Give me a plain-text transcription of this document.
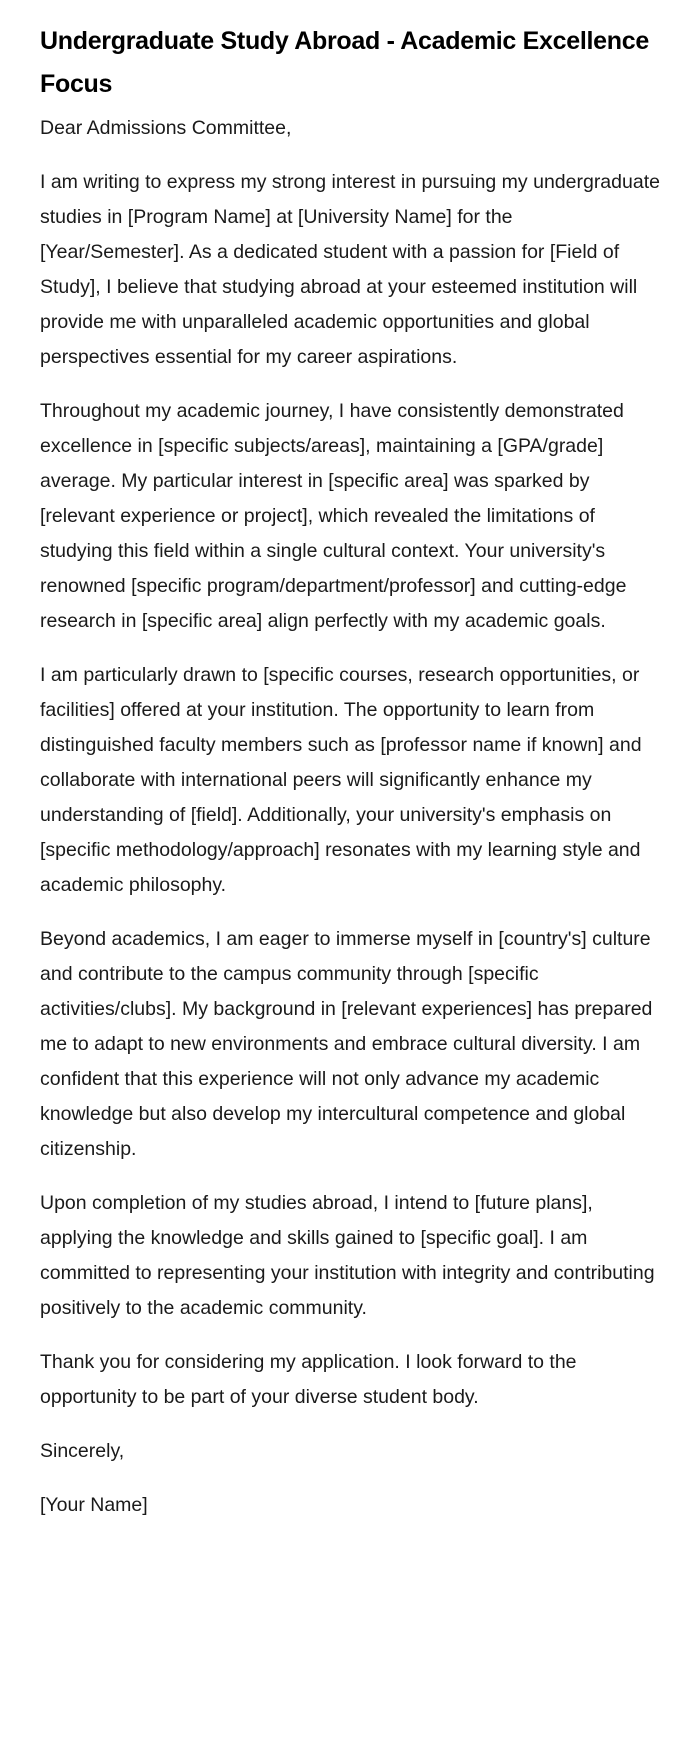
Undergraduate Study Abroad - Academic Excellence Focus

Dear Admissions Committee,

I am writing to express my strong interest in pursuing my undergraduate studies in [Program Name] at [University Name] for the [Year/Semester]. As a dedicated student with a passion for [Field of Study], I believe that studying abroad at your esteemed institution will provide me with unparalleled academic opportunities and global perspectives essential for my career aspirations.

Throughout my academic journey, I have consistently demonstrated excellence in [specific subjects/areas], maintaining a [GPA/grade] average. My particular interest in [specific area] was sparked by [relevant experience or project], which revealed the limitations of studying this field within a single cultural context. Your university's renowned [specific program/department/professor] and cutting-edge research in [specific area] align perfectly with my academic goals.

I am particularly drawn to [specific courses, research opportunities, or facilities] offered at your institution. The opportunity to learn from distinguished faculty members such as [professor name if known] and collaborate with international peers will significantly enhance my understanding of [field]. Additionally, your university's emphasis on [specific methodology/approach] resonates with my learning style and academic philosophy.

Beyond academics, I am eager to immerse myself in [country's] culture and contribute to the campus community through [specific activities/clubs]. My background in [relevant experiences] has prepared me to adapt to new environments and embrace cultural diversity. I am confident that this experience will not only advance my academic knowledge but also develop my intercultural competence and global citizenship.

Upon completion of my studies abroad, I intend to [future plans], applying the knowledge and skills gained to [specific goal]. I am committed to representing your institution with integrity and contributing positively to the academic community.

Thank you for considering my application. I look forward to the opportunity to be part of your diverse student body.

Sincerely,

[Your Name]
